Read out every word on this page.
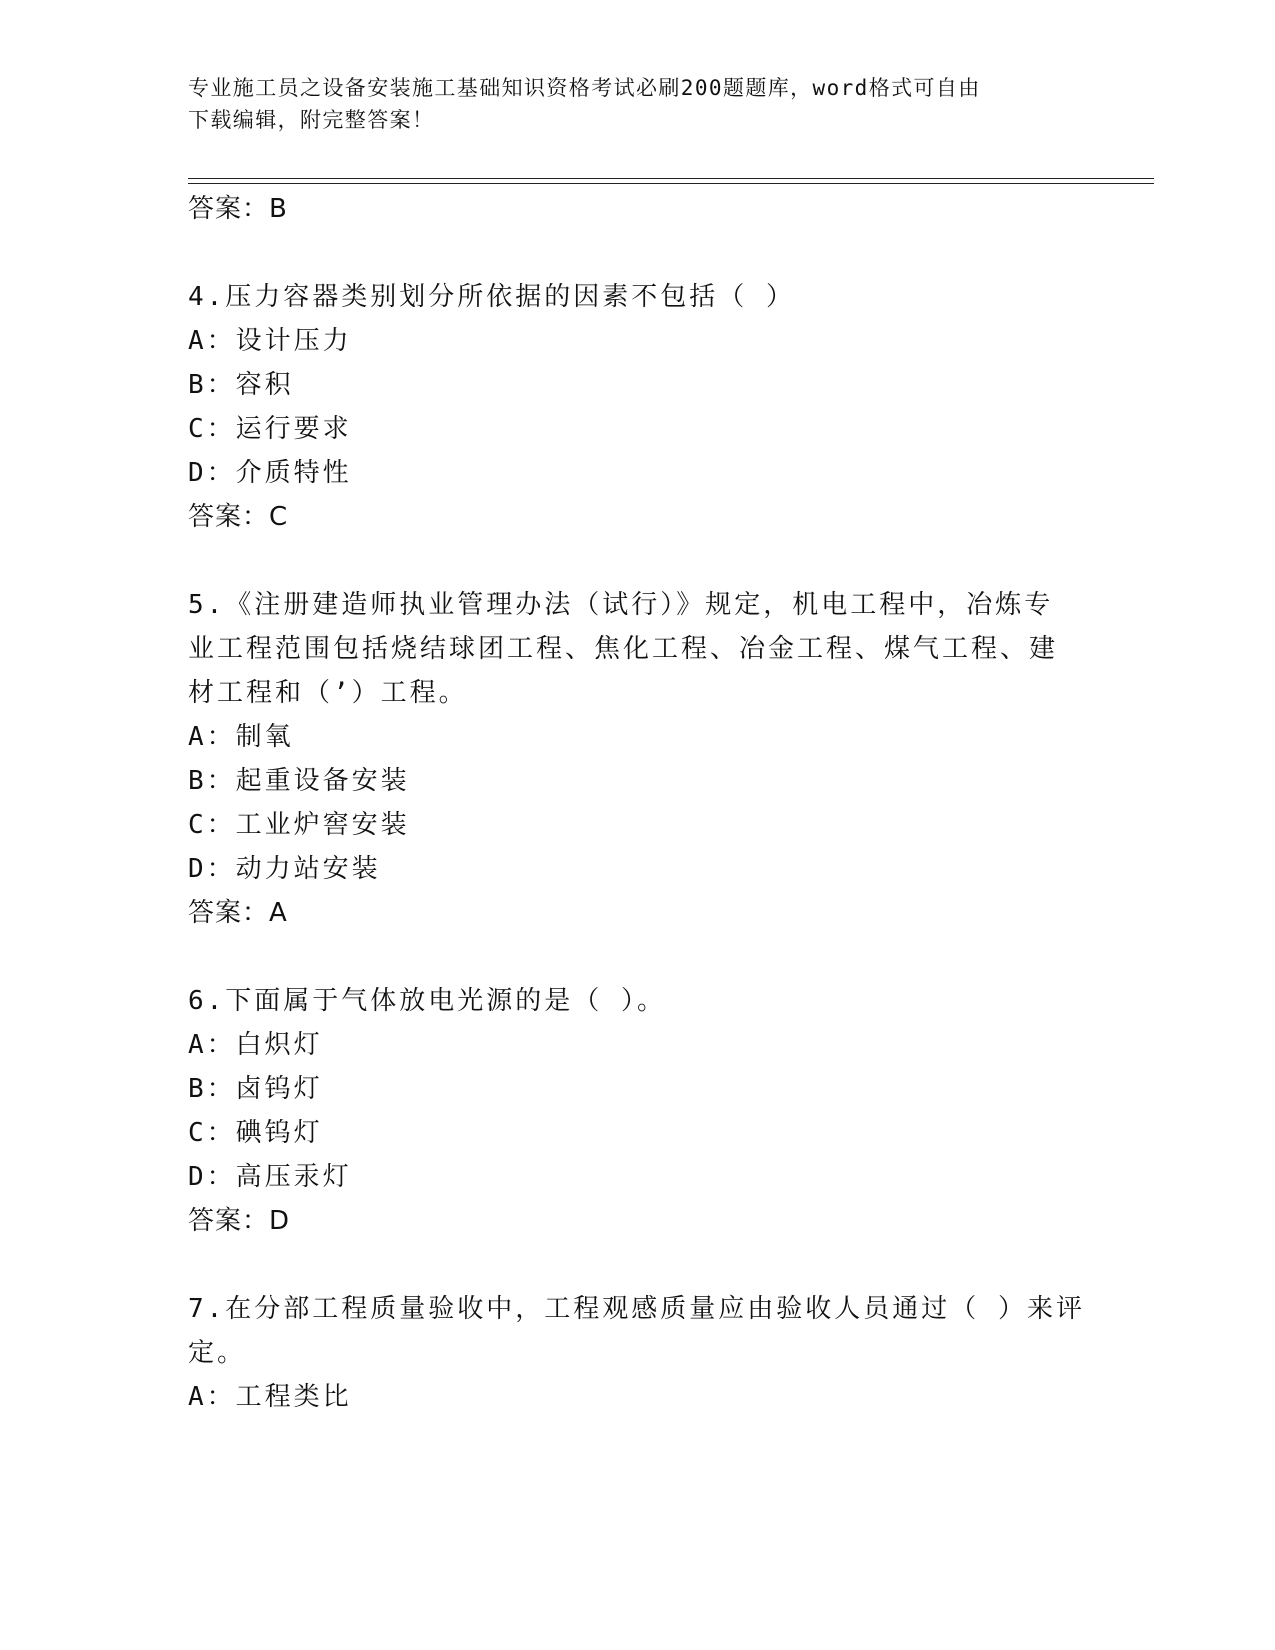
专业施工员之设备安装施工基础知识资格考试必刷200题题库，word格式可自由
下载编辑，附完整答案！
答案：B
4.压力容器类别划分所依据的因素不包括（ ）
A：设计压力
B：容积
C：运行要求
D：介质特性
答案：C
5.《注册建造师执业管理办法（试行）》规定，机电工程中，冶炼专
业工程范围包括烧结球团工程、焦化工程、冶金工程、煤气工程、建
材工程和（’）工程。
A：制氧
B：起重设备安装
C：工业炉窖安装
D：动力站安装
答案：A
6.下面属于气体放电光源的是（ ）。
A：白炽灯
B：卤钨灯
C：碘钨灯
D：高压汞灯
答案：D
7.在分部工程质量验收中，工程观感质量应由验收人员通过（ ）来评
定。
A：工程类比
